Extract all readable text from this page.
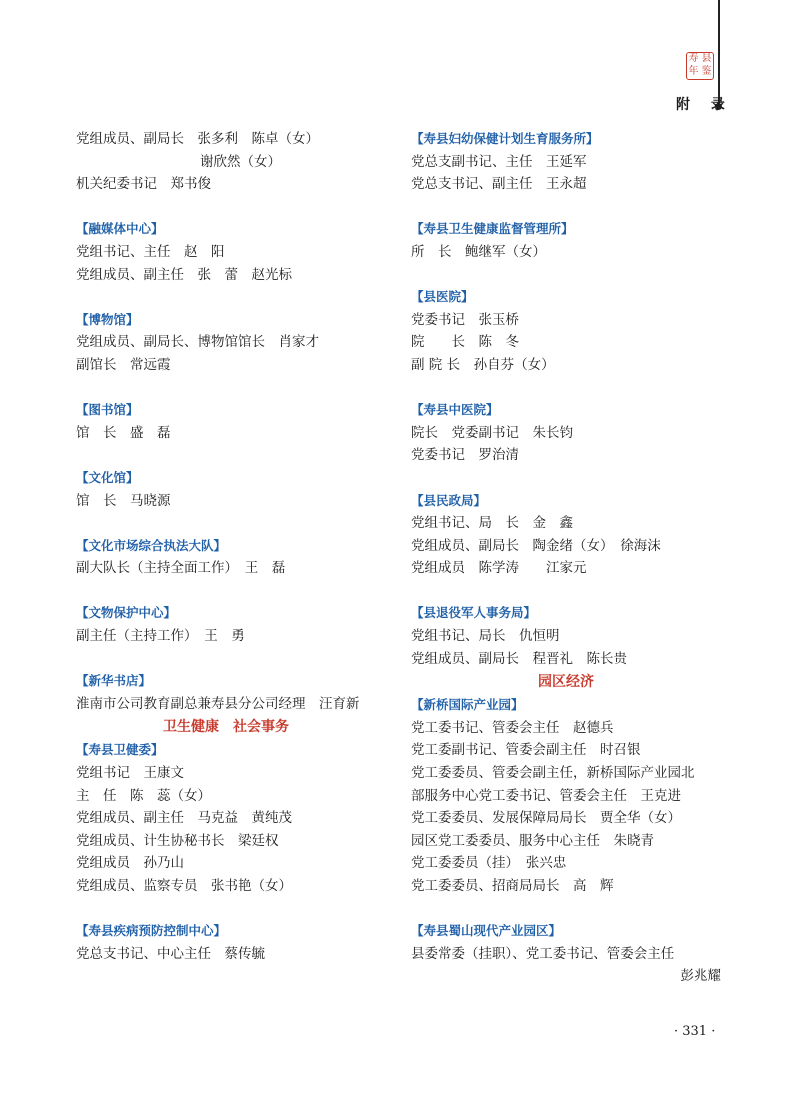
寿 县
年 鉴
附 录
党组成员、副局长　张多利　陈卓（女）
谢欣然（女）
机关纪委书记　郑书俊
【融媒体中心】
党组书记、主任　赵　阳
党组成员、副主任　张　蕾　赵光标
【博物馆】
党组成员、副局长、博物馆馆长　肖家才
副馆长　常远霞
【图书馆】
馆　长　盛　磊
【文化馆】
馆　长　马晓源
【文化市场综合执法大队】
副大队长（主持全面工作）　王　磊
【文物保护中心】
副主任（主持工作）　王　勇
【新华书店】
淮南市公司教育副总兼寿县分公司经理　汪育新
卫生健康　社会事务
【寿县卫健委】
党组书记　王康文
主　任　陈　蕊（女）
党组成员、副主任　马克益　黄纯茂
党组成员、计生协秘书长　梁廷权
党组成员　孙乃山
党组成员、监察专员　张书艳（女）
【寿县疾病预防控制中心】
党总支书记、中心主任　蔡传毓
【寿县妇幼保健计划生育服务所】
党总支副书记、主任　王延军
党总支书记、副主任　王永超
【寿县卫生健康监督管理所】
所　长　鲍继军（女）
【县医院】
党委书记　张玉桥
院　　长　陈　冬
副 院 长　孙自芬（女）
【寿县中医院】
院长　党委副书记　朱长钧
党委书记　罗治清
【县民政局】
党组书记、局　长　金　鑫
党组成员、副局长　陶金绪（女）　徐海沫
党组成员　陈学涛　　江家元
【县退役军人事务局】
党组书记、局长　仇恒明
党组成员、副局长　程晋礼　陈长贵
园区经济
【新桥国际产业园】
党工委书记、管委会主任　赵德兵
党工委副书记、管委会副主任　时召银
党工委委员、管委会副主任，新桥国际产业园北
部服务中心党工委书记、管委会主任　王克进
党工委委员、发展保障局局长　贾全华（女）
园区党工委委员、服务中心主任　朱晓青
党工委委员（挂）　张兴忠
党工委委员、招商局局长　高　辉
【寿县蜀山现代产业园区】
县委常委（挂职）、党工委书记、管委会主任
彭兆耀
· 331 ·
